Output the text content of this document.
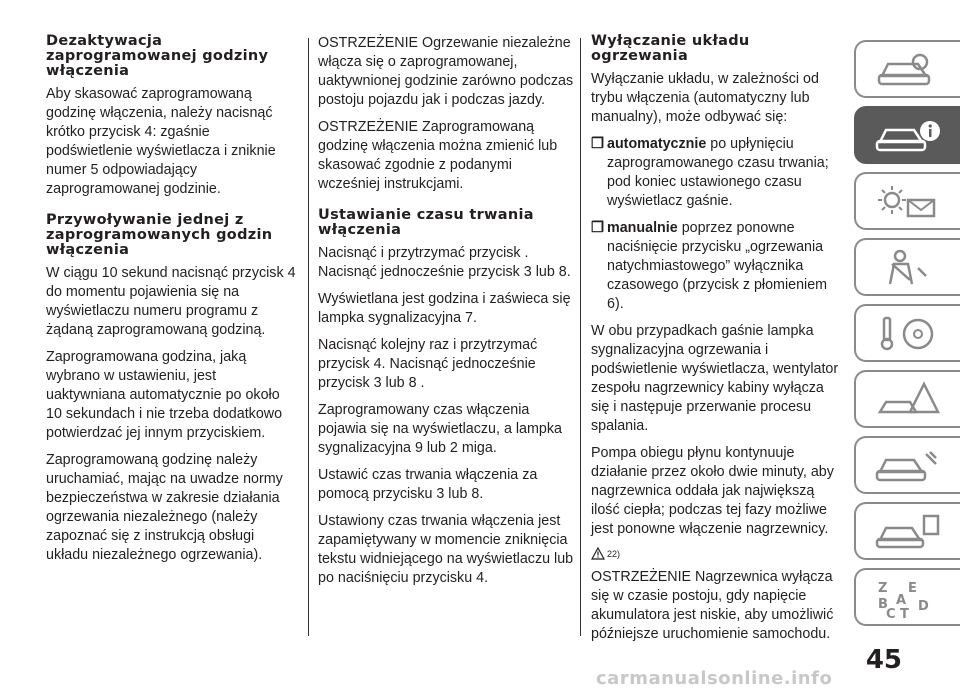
Dezaktywacja zaprogramowanej godziny włączenia

Aby skasować zaprogramowaną godzinę włączenia, należy nacisnąć krótko przycisk 4: zgaśnie podświetlenie wyświetlacza i zniknie numer 5 odpowiadający zaprogramowanej godzinie.

Przywoływanie jednej z zaprogramowanych godzin włączenia

W ciągu 10 sekund nacisnąć przycisk 4 do momentu pojawienia się na wyświetlaczu numeru programu z żądaną zaprogramowaną godziną.

Zaprogramowana godzina, jaką wybrano w ustawieniu, jest uaktywniana automatycznie po około 10 sekundach i nie trzeba dodatkowo potwierdzać jej innym przyciskiem.

Zaprogramowaną godzinę należy uruchamiać, mając na uwadze normy bezpieczeństwa w zakresie działania ogrzewania niezależnego (należy zapoznać się z instrukcją obsługi układu niezależnego ogrzewania).

OSTRZEŻENIE Ogrzewanie niezależne włącza się o zaprogramowanej, uaktywnionej godzinie zarówno podczas postoju pojazdu jak i podczas jazdy.

OSTRZEŻENIE Zaprogramowaną godzinę włączenia można zmienić lub skasować zgodnie z podanymi wcześniej instrukcjami.

Ustawianie czasu trwania włączenia

Nacisnąć i przytrzymać przycisk . Nacisnąć jednocześnie przycisk 3 lub 8.

Wyświetlana jest godzina i zaświeca się lampka sygnalizacyjna 7.

Nacisnąć kolejny raz i przytrzymać przycisk 4. Nacisnąć jednocześnie przycisk 3 lub 8 .

Zaprogramowany czas włączenia pojawia się na wyświetlaczu, a lampka sygnalizacyjna 9 lub 2 miga.

Ustawić czas trwania włączenia za pomocą przycisku 3 lub 8.

Ustawiony czas trwania włączenia jest zapamiętywany w momencie zniknięcia tekstu widniejącego na wyświetlaczu lub po naciśnięciu przycisku 4.

Wyłączanie układu ogrzewania

Wyłączanie układu, w zależności od trybu włączenia (automatyczny lub manualny), może odbywać się:

❐ automatycznie po upłynięciu zaprogramowanego czasu trwania; pod koniec ustawionego czasu wyświetlacz gaśnie.
❐ manualnie poprzez ponowne naciśnięcie przycisku „ogrzewania natychmiastowego” wyłącznika czasowego (przycisk z płomieniem 6).

W obu przypadkach gaśnie lampka sygnalizacyjna ogrzewania i podświetlenie wyświetlacza, wentylator zespołu nagrzewnicy kabiny wyłącza się i następuje przerwanie procesu spalania.

Pompa obiegu płynu kontynuuje działanie przez około dwie minuty, aby nagrzewnica oddała jak największą ilość ciepła; podczas tej fazy możliwe jest ponowne włączenie nagrzewnicy.

22)

OSTRZEŻENIE Nagrzewnica wyłącza się w czasie postoju, gdy napięcie akumulatora jest niskie, aby umożliwić późniejsze uruchomienie samochodu.

Z E
A
B D
C T
45
carmanualsonline.info
